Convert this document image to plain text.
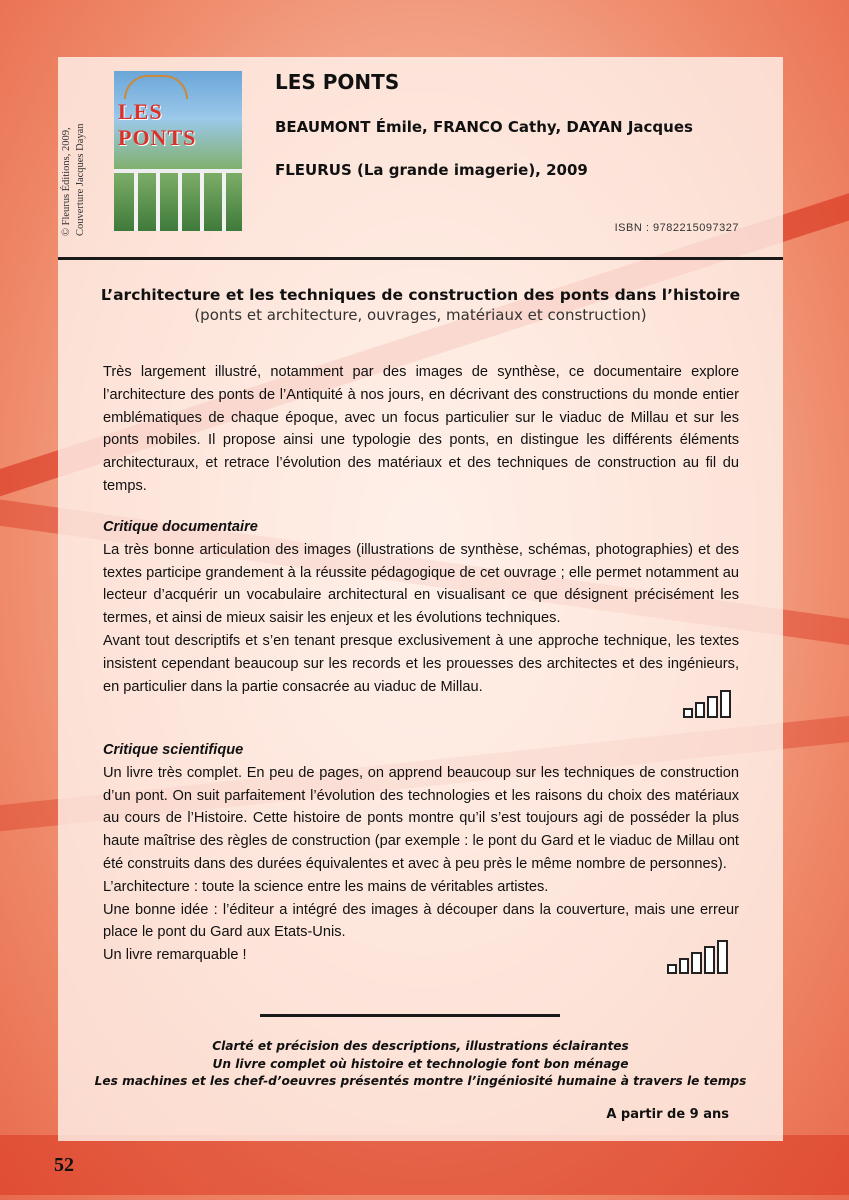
© Fleurus Éditions, 2009, Couverture Jacques Dayan
LES PONTS
LES PONTS
BEAUMONT Émile, FRANCO Cathy, DAYAN Jacques
FLEURUS (La grande imagerie), 2009
ISBN : 9782215097327
L’architecture et les techniques de construction des ponts dans l’histoire
(ponts et architecture, ouvrages, matériaux et construction)

Très largement illustré, notamment par des images de synthèse, ce documentaire explore l’architecture des ponts de l’Antiquité à nos jours, en décrivant des constructions du monde entier emblématiques de chaque époque, avec un focus particulier sur le viaduc de Millau et sur les ponts mobiles. Il propose ainsi une typologie des ponts, en distingue les différents éléments architecturaux, et retrace l’évolution des matériaux et des techniques de construction au fil du temps.

Critique documentaire

La très bonne articulation des images (illustrations de synthèse, schémas, photographies) et des textes participe grandement à la réussite pédagogique de cet ouvrage ; elle permet notamment au lecteur d’acquérir un vocabulaire architectural en visualisant ce que désignent précisément les termes, et ainsi de mieux saisir les enjeux et les évolutions techniques.

Avant tout descriptifs et s’en tenant presque exclusivement à une approche technique, les textes insistent cependant beaucoup sur les records et les prouesses des architectes et des ingénieurs, en particulier dans la partie consacrée au viaduc de Millau.

Critique scientifique

Un livre très complet. En peu de pages, on apprend beaucoup sur les techniques de construction d’un pont. On suit parfaitement l’évolution des technologies et les raisons du choix des matériaux au cours de l’Histoire. Cette histoire de ponts montre qu’il s’est toujours agi de posséder la plus haute maîtrise des règles de construction (par exemple : le pont du Gard et le viaduc de Millau ont été construits dans des durées équivalentes et avec à peu près le même nombre de personnes).

L’architecture : toute la science entre les mains de véritables artistes.

Une bonne idée : l’éditeur a intégré des images à découper dans la couverture, mais une erreur place le pont du Gard aux Etats-Unis.

Un livre remarquable !

Clarté et précision des descriptions, illustrations éclairantes
Un livre complet où histoire et technologie font bon ménage
Les machines et les chef-d’oeuvres présentés montre l’ingéniosité humaine à travers le temps
A partir de 9 ans
52
